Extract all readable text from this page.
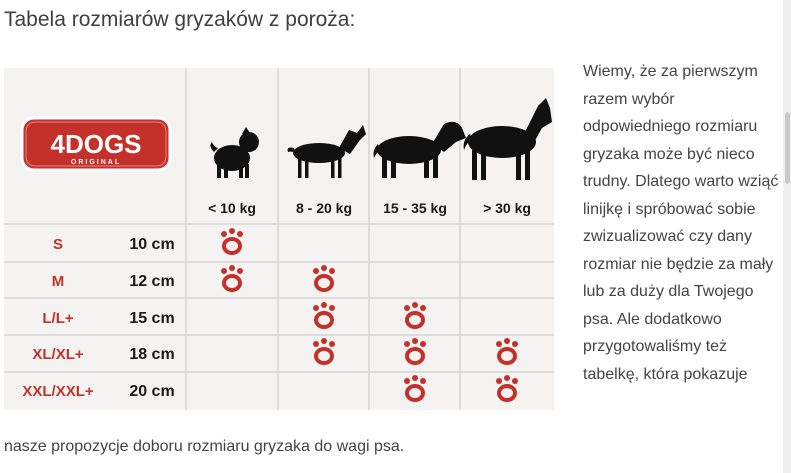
Tabela rozmiarów gryzaków z poroża:
4DOGS
ORIGINAL
< 10 kg	8 - 20 kg 15 - 35 kg	> 30 kg
S
M
L/L+
XL/XL+
XXL/XXL+
10 cm
12 cm
15 cm
18 cm
20 cm
Wiemy, że za pierwszym razem wybór odpowiedniego rozmiaru gryzaka może być nieco trudny. Dlatego warto wziąć linijkę i spróbować sobie zwizualizować czy dany rozmiar nie będzie za mały lub za duży dla Twojego psa. Ale dodatkowo przygotowaliśmy też tabelkę, która pokazuje
nasze propozycje doboru rozmiaru gryzaka do wagi psa.
